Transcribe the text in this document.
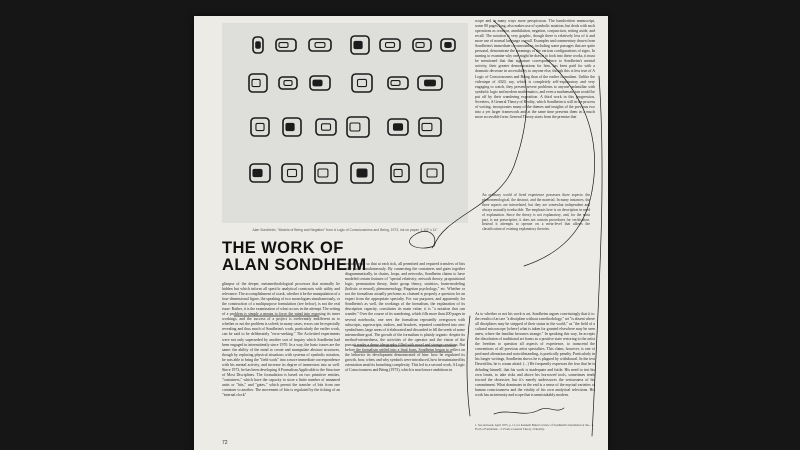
Alan Sondheim, "Models of Being and Negation" from A Logic of Consciousness and Being, 1973, ink on paper, 1 1/2" x 11"
THE WORK OF
ALAN SONDHEIM
glimpse of the deeper, metamethodological processes that normally lie hidden but which inform all specific analytical constructs with utility and relevance. The accomplishment of a task, whether it be the manipulation of a four-dimensional figure, the speaking of two monologues simultaneously, or the construction of a multipurpose formulation (see below), is not the real issue. Rather, it is the examination of what occurs in the attempt. The setting of a problem is simply a means to force the mind into exposing its inner workings, and the success of a project is irrelevantly indifferent as to whether or not the problem is solved; in many cases, errors can be especially revealing and thus much of Sondheim's work, particularly the earlier work, can be said to be deliberately "error-seeking." The Activitied experiments were not only superseded by another sort of inquiry which Sondheim had been engaged in intermittently since 1970. In a way, the basic issues are the same: the ability of the mind to create and manipulate abstract structures, though by replacing physical situations with systems of symbolic notation, he was able to bring the "field work" into a more immediate correspondence with his mental activity, and increase its degree of immersion into as well. Since 1973, he has been developing A Formalism Applicable to the Structure of Most Disciplines. The formulation is based on two primitive entities, "containers," which have the capacity to store a finite number of unnamed units or "bits," and "gates," which permit the transfer of bits from one container to another. The movement of bits is regulated by the ticking of an "internal clock"
ternal clock" so that at each tick, all permitted and required transfers of bits take place simultaneously. By connecting the containers and gates together diagrammatically, in chains, loops, and networks, Sondheim claims to have modeled certain features of "special relativity; network theory; propositional logic, permutation theory, finite group theory, statistics, brain-modeling (holistic or neural), phenomenology, Piagetian psychology," etc. Whether or not the formalism actually performs as claimed is properly a question for an expert from the appropriate specialty. For our purposes, and apparently for Sondheim's as well, the workings of the formalism, the explanation of its description capacity, constitutes its main value; it is "a notation that can wander." Over the course of its wandering, which fills more than 200 pages in several notebooks, one sees the formalism repeatedly overgrown with subscripts, superscripts, indices, and brackets, repeated considered into new symbolisms, large areas of it elaborated and discarded to fill the seeds of some intermediate goal. The growth of the formalism is plainly organic: despite its method-orientedness, the activities of the operator and the vision of the pursuit reader a dense ideography filled with novel and strange creations. But before the formalism settled into a final form, Sondheim began to reflect on the behavior its development demonstrated of him: how he regulated its growth, how, when, and why symbols were introduced, how he maintained his orientation amid its branching complexity. This led to a second work, A Logic of Consciousness and Being (1973), which is much more ambitious in
scope and in many ways more perspicuous. The handwritten manuscript, some 80 pages long, also makes use of symbolic notation, but deals with such operations as creation, annihilation, negation, conjunction, setting aside, and recall. The notation is very graphic, though there is relatively less of it and more use of normal language overall. Examples and commentary drawn from Sondheim's immediate circumstances, including some passages that are quite personal, demonstrate the meanings of the various configurations of signs. In turning to examine why one might be drawn to look into these works, it must be mentioned that that signature correspondence to Sondheim's mental activity, their greater demonstrations for him, has been paid for with a dramatic decrease in accessibility to anyone else, though this is less true of A Logic of Consciousness and Being than of the earlier formalism. Unlike the videotape of 4320, say, which is completely self-explanatory and very engaging to watch, they present severe problems to anyone unfamiliar with symbolic logic and modern mathematics, and even a mathematician would be put off by their wandering exposition. A third work in this progression, Sweeters, A General Theory of Reality, which Sondheim is still in the process of writing, incorporates many of the themes and insights of the previous two into a yet larger framework and at the same time presents them in a much more accessible form. General Theory starts from the premise that
An ordinary world of lived experience possesses three aspects: the phenomenological, the abstract, and the material. In many instances, the three aspects are interrelated, but they are somewhat independent and always mutually irreducible. The emphasis here is on description in need of explanation. Since the theory is not explanatory, and, for the most part, is not prescriptive, it does not contain procedures for verification. Instead it attempts to operate on a meta-level that allows the classification of existing explanatory theories.
As to whether or not his work is art, Sondheim argues convincingly that it is: the results of art are "a discipline without a methodology," art "is absent where all disciplines may be stripped of their status in the world," as "the field of a cultural microscope [where] what is taken for granted elsewhere may be seen anew, where the familiar becomes strange." In speaking this way, he accepts the dissolution of traditional art forms as a positive state restoring to the artist the freedom to question all aspects of experience, to transcend the conventions of all previous artist specialties. This claim, however, is one of profound alienation and notwithstanding, is poetically penalty. Particularly in his longer writings, Sondheim shows he is plagued by withdrawal. In the text Desertfilm, he is a man afraid. (...) He frequently expresses the fear that he is deluding himself, that his work is inadequate and futile. His need to test his own limits, to take risks and above his borrowed tools, sometimes tends toward the obsessive, but it's merely underscores the seriousness of his commitment. What dominates in the end is a sense of the myriad varieties of human consciousness and the vitality of his own analytical selections. His work has an intensity and scope that is unmistakably modern.
1. See Artweek, April 1975, p. 11, for Kenneth Baker's review of Sondheim's installation at the... 2. From a Formalism... 3. From a General Theory of Reality.
72
